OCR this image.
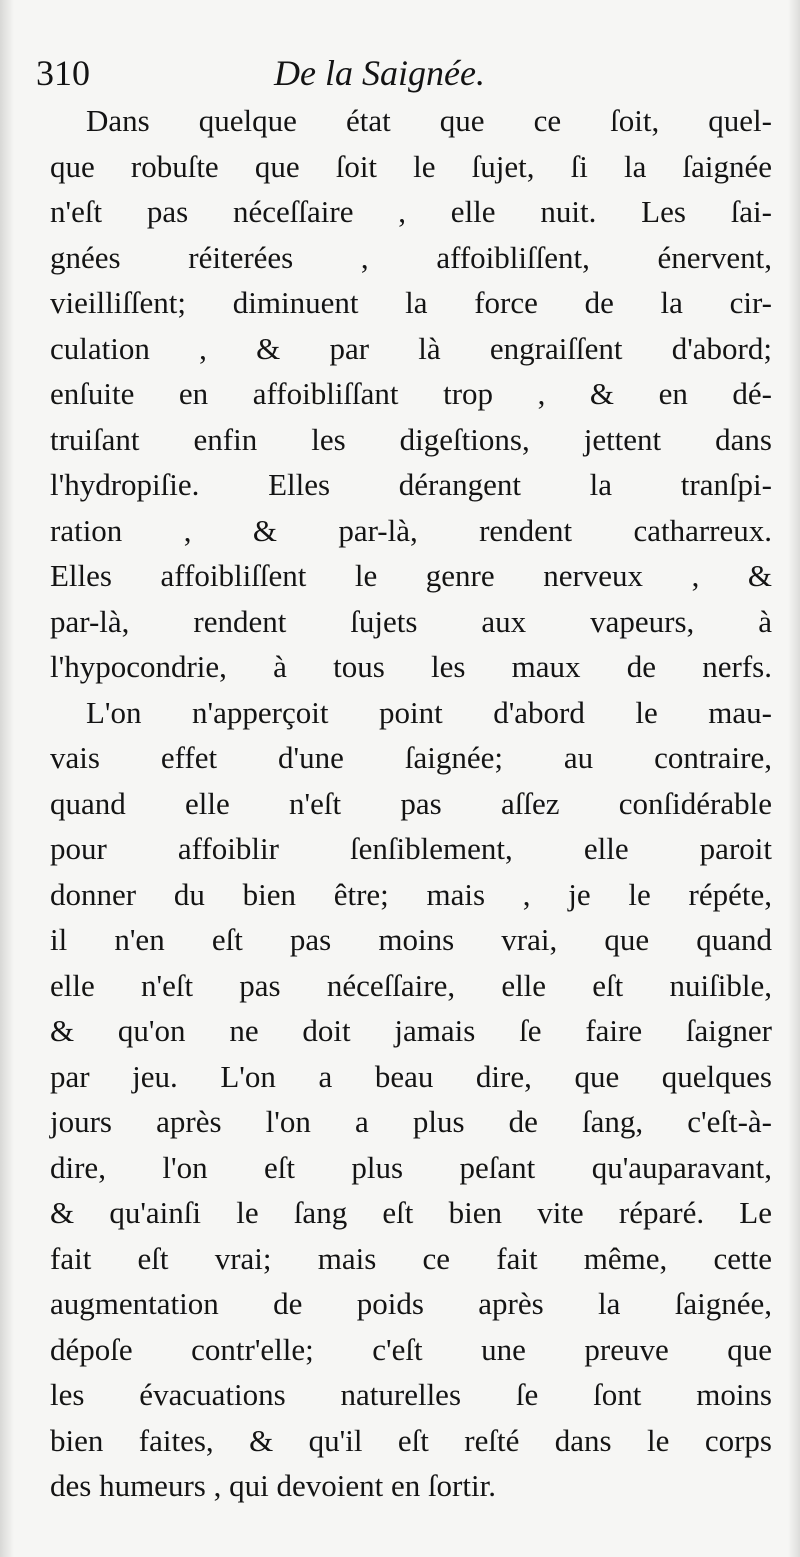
310	De la Saignée.
Dans quelque état que ce ſoit, quel-
que robuſte que ſoit le ſujet, ſi la ſaignée
n'eſt pas néceſſaire , elle nuit. Les ſai-
gnées réiterées , affoibliſſent, énervent,
vieilliſſent; diminuent la force de la cir-
culation , & par là engraiſſent d'abord;
enſuite en affoibliſſant trop , & en dé-
truiſant enfin les digeſtions, jettent dans
l'hydropiſie. Elles dérangent la tranſpi-
ration , & par-là, rendent catharreux.
Elles affoibliſſent le genre nerveux , &
par-là, rendent ſujets aux vapeurs, à
l'hypocondrie, à tous les maux de nerfs.
L'on n'apperçoit point d'abord le mau-
vais effet d'une ſaignée; au contraire,
quand elle n'eſt pas aſſez conſidérable
pour affoiblir ſenſiblement, elle paroit
donner du bien être; mais , je le répéte,
il n'en eſt pas moins vrai, que quand
elle n'eſt pas néceſſaire, elle eſt nuiſible,
& qu'on ne doit jamais ſe faire ſaigner
par jeu. L'on a beau dire, que quelques
jours après l'on a plus de ſang, c'eſt-à-
dire, l'on eſt plus peſant qu'auparavant,
& qu'ainſi le ſang eſt bien vite réparé. Le
fait eſt vrai; mais ce fait même, cette
augmentation de poids après la ſaignée,
dépoſe contr'elle; c'eſt une preuve que
les évacuations naturelles ſe ſont moins
bien faites, & qu'il eſt reſté dans le corps
des humeurs , qui devoient en ſortir.
